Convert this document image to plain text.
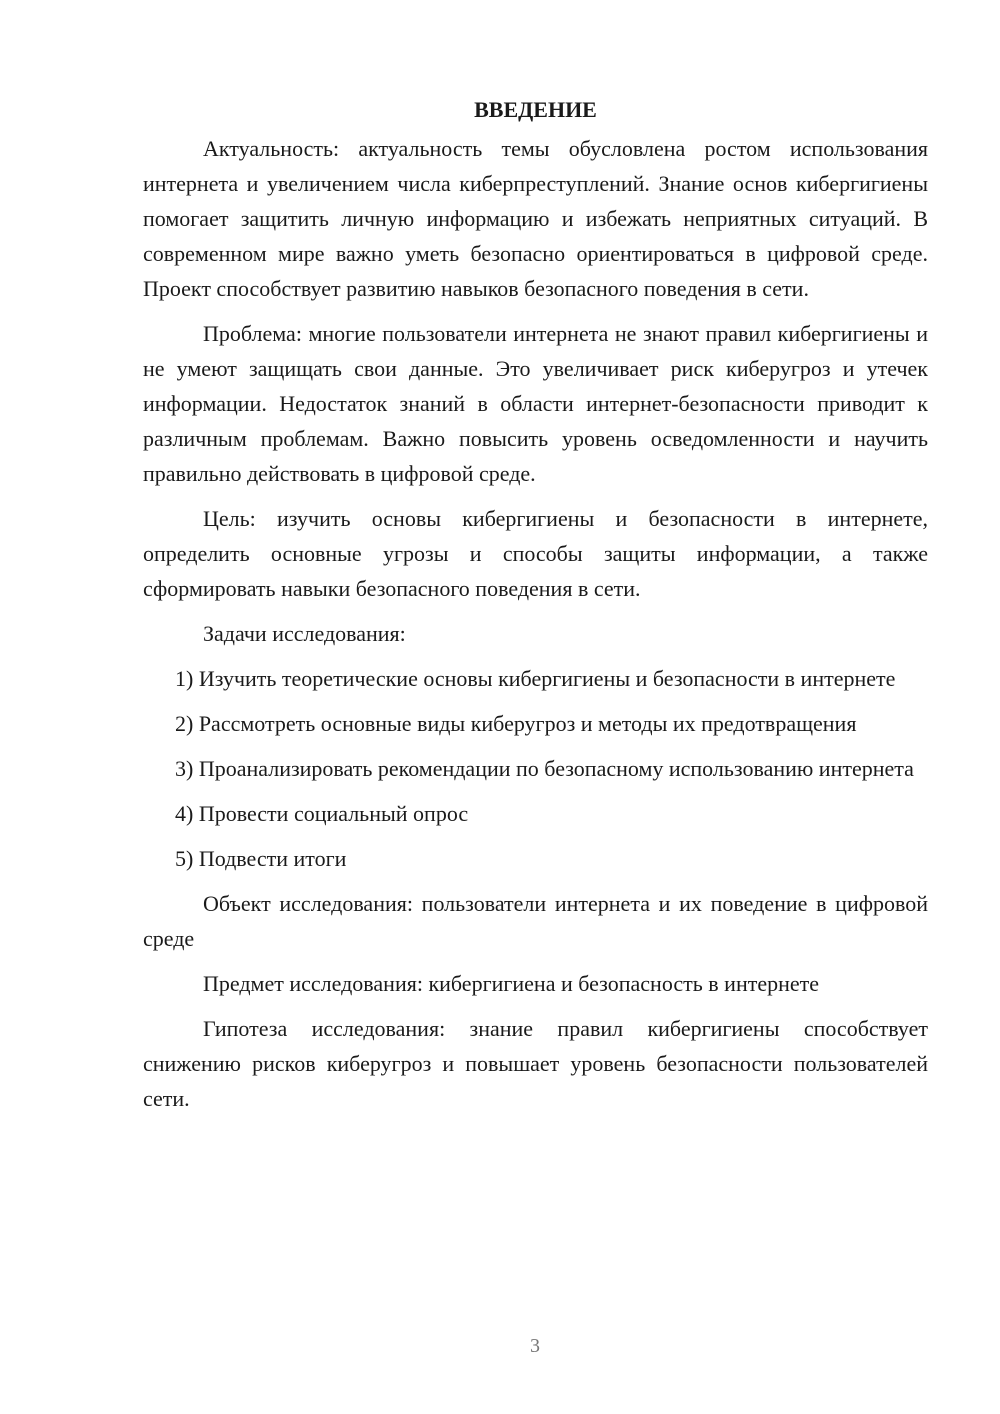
ВВЕДЕНИЕ

Актуальность: актуальность темы обусловлена ростом использования интернета и увеличением числа киберпреступлений. Знание основ кибергигиены помогает защитить личную информацию и избежать неприятных ситуаций. В современном мире важно уметь безопасно ориентироваться в цифровой среде. Проект способствует развитию навыков безопасного поведения в сети.

Проблема: многие пользователи интернета не знают правил кибергигиены и не умеют защищать свои данные. Это увеличивает риск киберугроз и утечек информации. Недостаток знаний в области интернет-безопасности приводит к различным проблемам. Важно повысить уровень осведомленности и научить правильно действовать в цифровой среде.

Цель: изучить основы кибергигиены и безопасности в интернете, определить основные угрозы и способы защиты информации, а также сформировать навыки безопасного поведения в сети.

Задачи исследования:

1) Изучить теоретические основы кибергигиены и безопасности в интернете

2) Рассмотреть основные виды киберугроз и методы их предотвращения

3) Проанализировать рекомендации по безопасному использованию интернета

4) Провести социальный опрос

5) Подвести итоги

Объект исследования: пользователи интернета и их поведение в цифровой среде

Предмет исследования: кибергигиена и безопасность в интернете

Гипотеза исследования: знание правил кибергигиены способствует снижению рисков киберугроз и повышает уровень безопасности пользователей сети.

3
